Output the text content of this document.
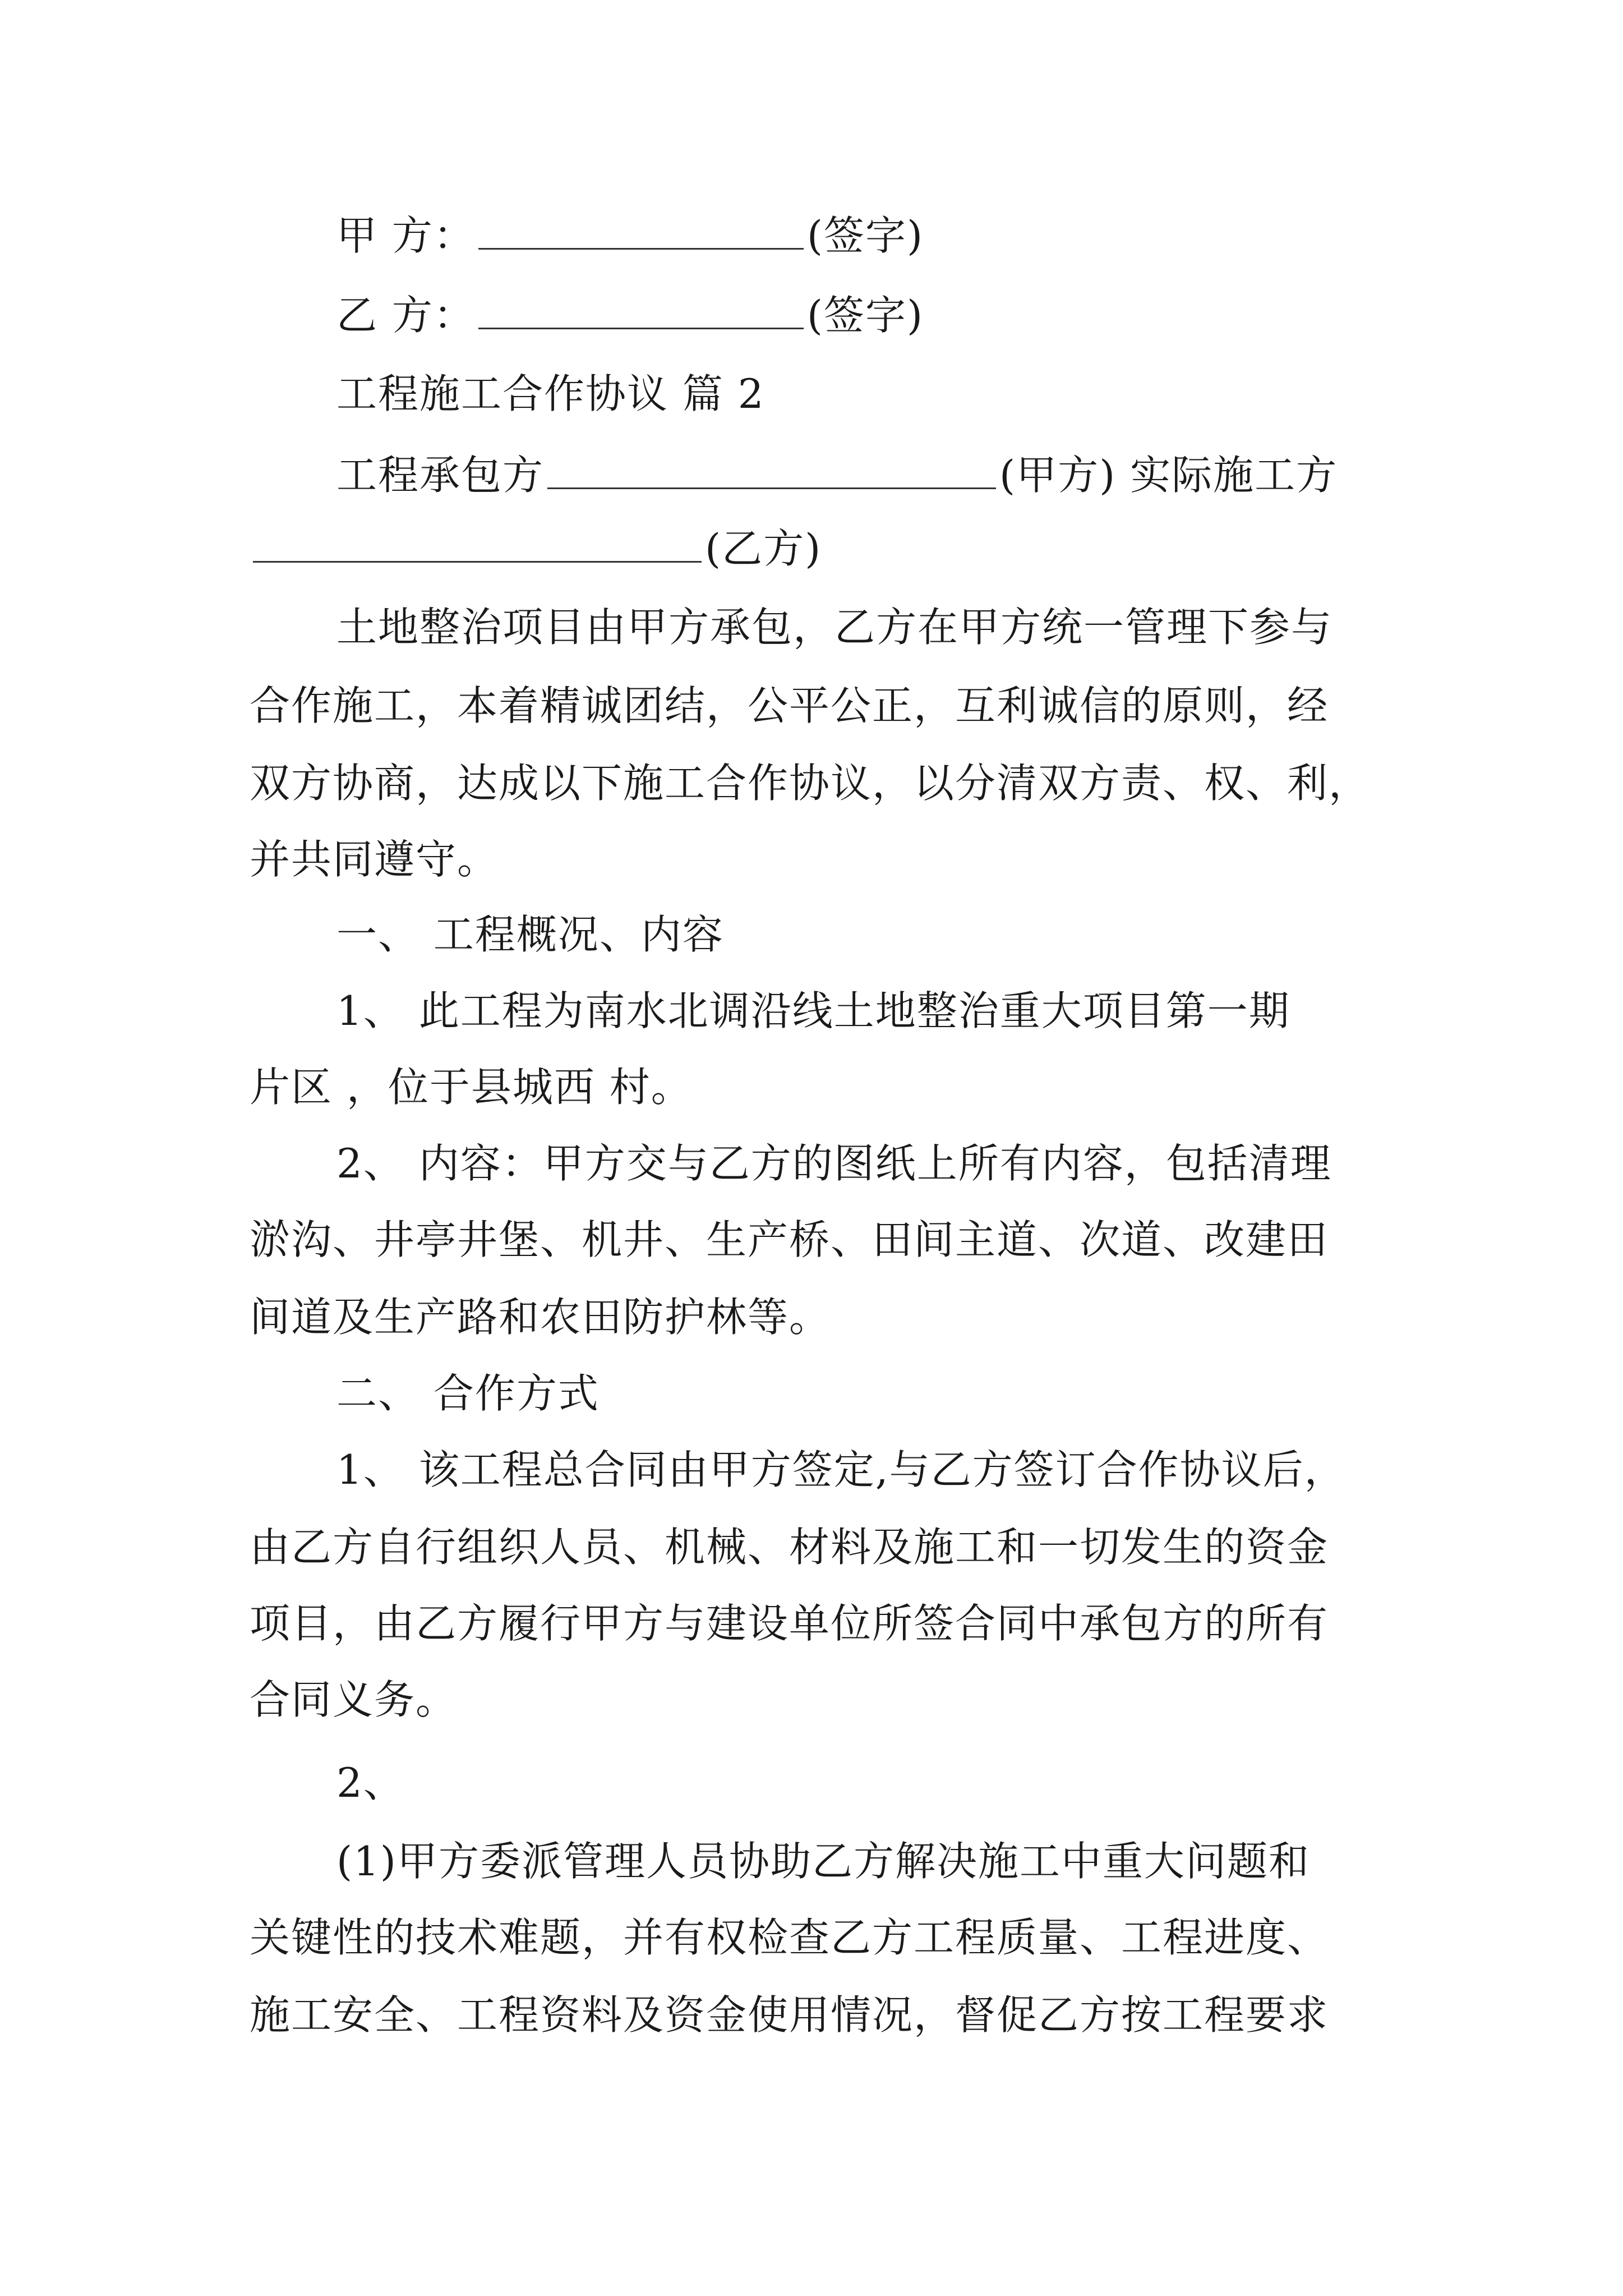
甲 方：	(签字)
乙 方：	(签字)
工程施工合作协议 篇 2
工程承包方	(甲方) 实际施工方
(乙方)
土地整治项目由甲方承包，乙方在甲方统一管理下参与
合作施工，本着精诚团结，公平公正，互利诚信的原则，经
双方协商，达成以下施工合作协议，以分清双方责、权、利，
并共同遵守。
一、 工程概况、内容
1、 此工程为南水北调沿线土地整治重大项目第一期
片区 ，位于县城西 村。
2、 内容：甲方交与乙方的图纸上所有内容，包括清理
淤沟、井亭井堡、机井、生产桥、田间主道、次道、改建田
间道及生产路和农田防护林等。
二、 合作方式
1、 该工程总合同由甲方签定,与乙方签订合作协议后，
由乙方自行组织人员、机械、材料及施工和一切发生的资金
项目，由乙方履行甲方与建设单位所签合同中承包方的所有
合同义务。
2、
(1)甲方委派管理人员协助乙方解决施工中重大问题和
关键性的技术难题，并有权检查乙方工程质量、工程进度、
施工安全、工程资料及资金使用情况，督促乙方按工程要求
